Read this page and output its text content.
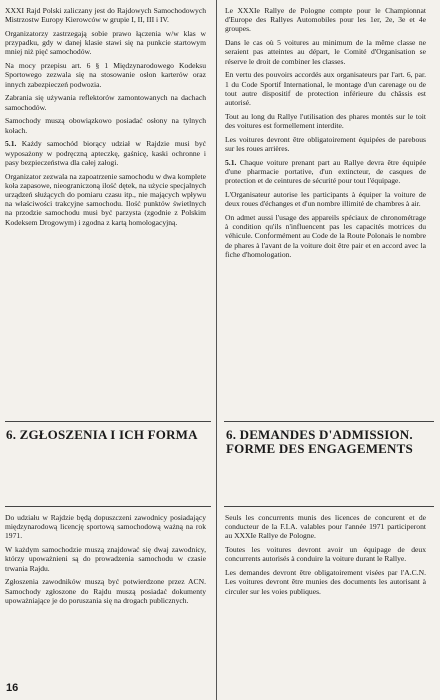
XXXI Rajd Polski zaliczany jest do Rajdowych Samochodowych Mistrzostw Europy Kierowców w grupie I, II, III i IV.

Organizatorzy zastrzegają sobie prawo łączenia w/w klas w przypadku, gdy w danej klasie stawi się na punkcie startowym mniej niż pięć samochodów.

Na mocy przepisu art. 6 § 1 Międzynarodowego Kodeksu Sportowego zezwala się na stosowanie osłon karterów oraz innych zabezpieczeń podwozia.

Zabrania się używania reflektorów zamontowanych na dachach samochodów.

Samochody muszą obowiązkowo posiadać osłony na tylnych kołach.

5.1. Każdy samochód biorący udział w Rajdzie musi być wyposażony w podręczną apteczkę, gaśnicę, kaski ochronne i pasy bezpieczeństwa dla całej załogi.

Organizator zezwala na zapoatrzenie samochodu w dwa komplete koła zapasowe, nieograniczoną ilość dętek, na użycie specjalnych urządzeń służących do pomiaru czasu itp., nie mających wpływu na właściwości trakcyjne samochodu. Ilość punktów świetlnych na przodzie samochodu musi być parzysta (zgodnie z Polskim Kodeksem Drogowym) i zgodna z kartą homologacyjną.

Le XXXIe Rallye de Pologne compte pour le Championnat d'Europe des Rallyes Automobiles pour les 1er, 2e, 3e et 4e groupes.

Dans le cas où 5 voitures au minimum de la même classe ne seraient pas atteintes au départ, le Comité d'Organisation se réserve le droit de combiner les classes.

En vertu des pouvoirs accordés aux organisateurs par l'art. 6, par. 1 du Code Sportif International, le montage d'un carenage ou de tout autre dispositif de protection inférieure du châssis est autorisé.

Tout au long du Rallye l'utilisation des phares montés sur le toit des voitures est formellement interdite.

Les voitures devront être obligatoirement équipées de parebous sur les roues arrières.

5.1. Chaque voiture prenant part au Rallye devra être équipée d'une pharmacie portative, d'un extincteur, de casques de protection et de ceintures de sécurité pour tout l'équipage.

L'Organisateur autorise les participants à équiper la voiture de deux roues d'échanges et d'un nombre illimité de chambres à air.

On admet aussi l'usage des appareils spéciaux de chronométrage à condition qu'ils n'influencent pas les capacités motrices du véhicule. Conformément au Code de la Route Polonais le nombre de phares à l'avant de la voiture doit être pair et en accord avec la fiche d'homologation.

6. ZGŁOSZENIA I ICH FORMA	6. DEMANDES D'ADMISSION. FORME DES ENGAGEMENTS

Do udziału w Rajdzie będą dopuszczeni zawodnicy posiadający międzynarodową licencję sportową samochodową ważną na rok 1971.

W każdym samochodzie muszą znajdować się dwaj zawodnicy, którzy upoważnieni są do prowadzenia samochodu w czasie trwania Rajdu.

Zgłoszenia zawodników muszą być potwierdzone przez ACN. Samochody zgłoszone do Rajdu muszą posiadać dokumenty upoważniające je do poruszania się na drogach publicznych.

Seuls les concurrents munis des licences de concurent et de conducteur de la F.I.A. valables pour l'année 1971 participeront au XXXIe Rallye de Pologne.

Toutes les voitures devront avoir un équipage de deux concurrents autorisés à conduire la voiture durant le Rallye.

Les demandes devront être obligatoirement visées par l'A.C.N. Les voitures devront être munies des documents les autorisant à circuler sur les voies publiques.

16
